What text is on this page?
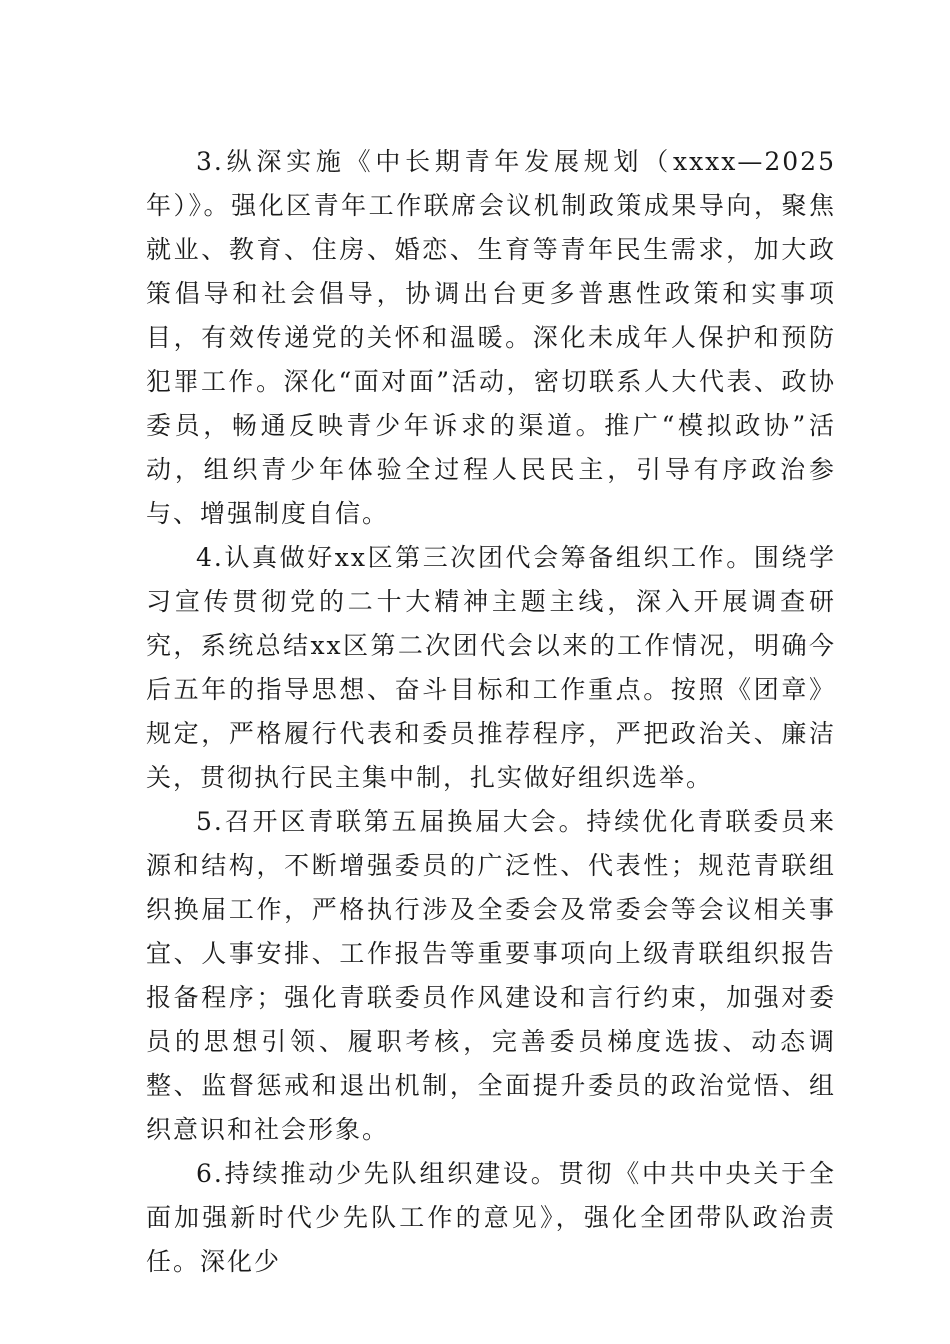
3.纵深实施《中长期青年发展规划（xxxx—2025年）》。强化区青年工作联席会议机制政策成果导向，聚焦就业、教育、住房、婚恋、生育等青年民生需求，加大政策倡导和社会倡导，协调出台更多普惠性政策和实事项目，有效传递党的关怀和温暖。深化未成年人保护和预防犯罪工作。深化“面对面”活动，密切联系人大代表、政协委员，畅通反映青少年诉求的渠道。推广“模拟政协”活动，组织青少年体验全过程人民民主，引导有序政治参与、增强制度自信。

4.认真做好xx区第三次团代会筹备组织工作。围绕学习宣传贯彻党的二十大精神主题主线，深入开展调查研究，系统总结xx区第二次团代会以来的工作情况，明确今后五年的指导思想、奋斗目标和工作重点。按照《团章》规定，严格履行代表和委员推荐程序，严把政治关、廉洁关，贯彻执行民主集中制，扎实做好组织选举。

5.召开区青联第五届换届大会。持续优化青联委员来源和结构，不断增强委员的广泛性、代表性；规范青联组织换届工作，严格执行涉及全委会及常委会等会议相关事宜、人事安排、工作报告等重要事项向上级青联组织报告报备程序；强化青联委员作风建设和言行约束，加强对委员的思想引领、履职考核，完善委员梯度选拔、动态调整、监督惩戒和退出机制，全面提升委员的政治觉悟、组织意识和社会形象。

6.持续推动少先队组织建设。贯彻《中共中央关于全面加强新时代少先队工作的意见》，强化全团带队政治责任。深化少
